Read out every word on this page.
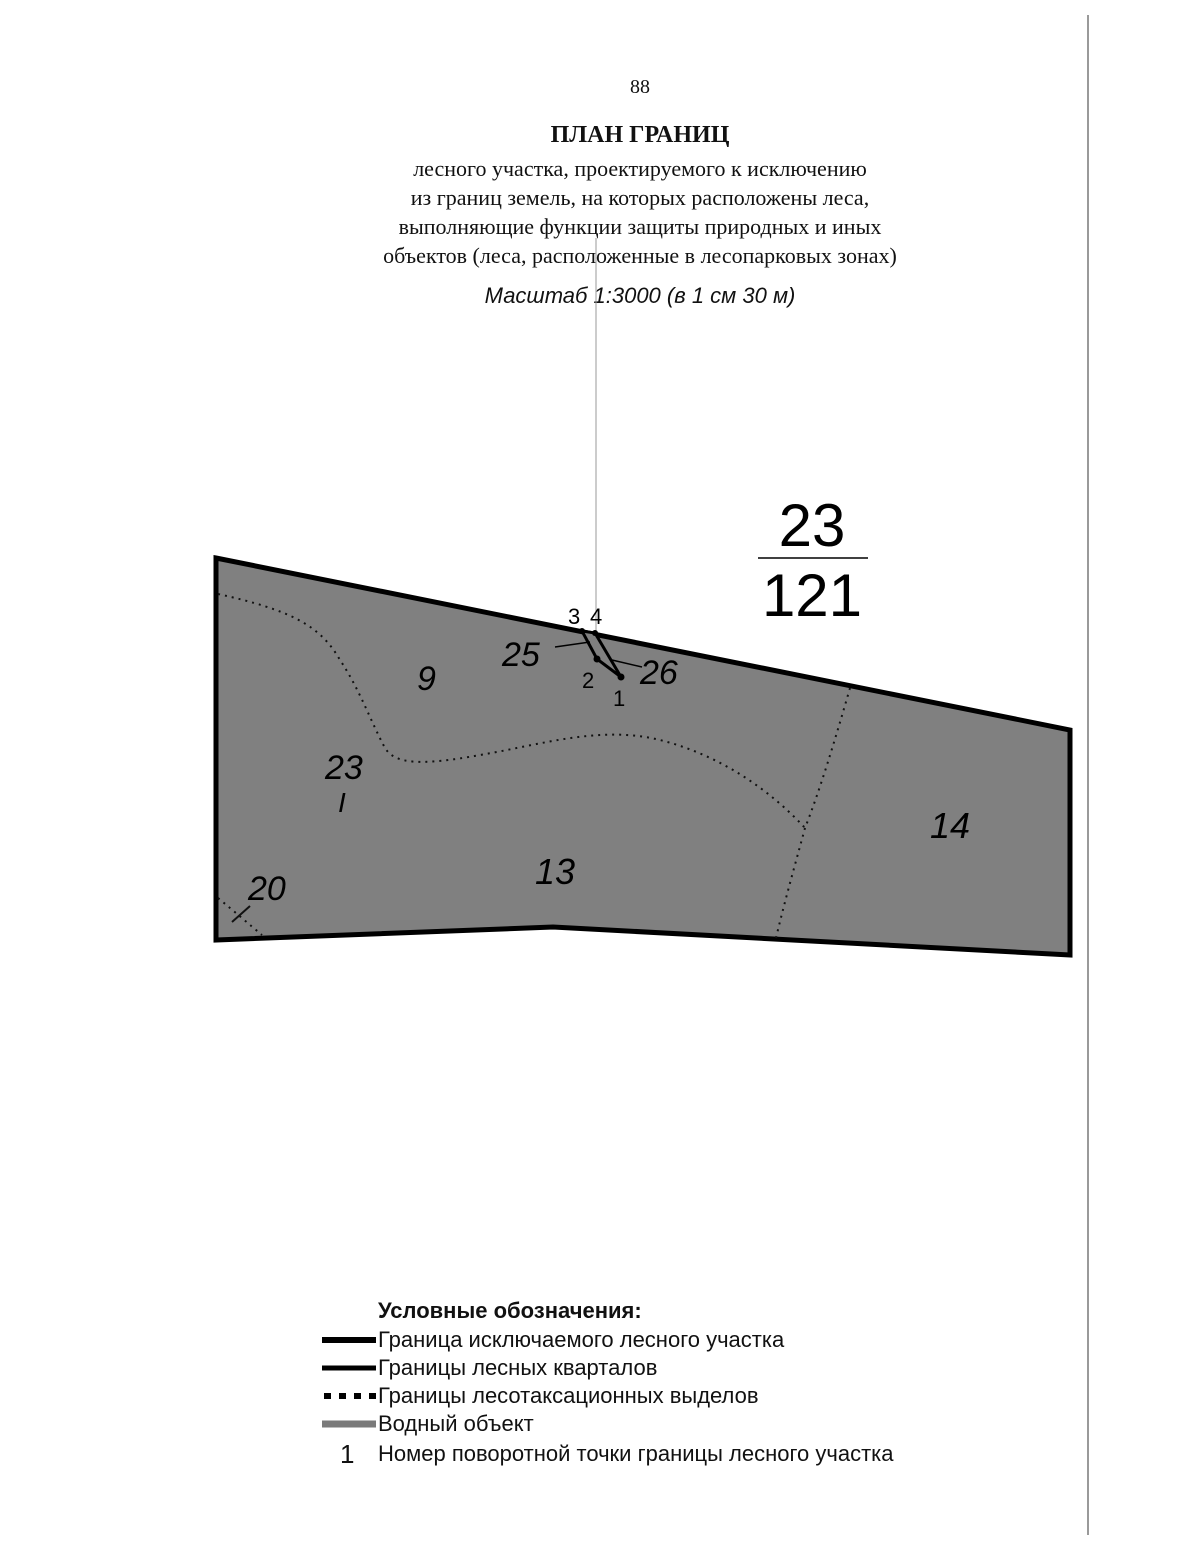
88
ПЛАН ГРАНИЦ
лесного участка, проектируемого к исключению
из границ земель, на которых расположены леса,
выполняющие функции защиты природных и иных
объектов (леса, расположенные в лесопарковых зонах)
Масштаб 1:3000 (в 1 см 30 м)
1
2
3 4
9
23
I
13
14
20
25	26
23
121
Условные обозначения:
Граница исключаемого лесного участка
Границы лесных кварталов
Границы лесотаксационных выделов
Водный объект
1 Номер поворотной точки границы лесного участка
